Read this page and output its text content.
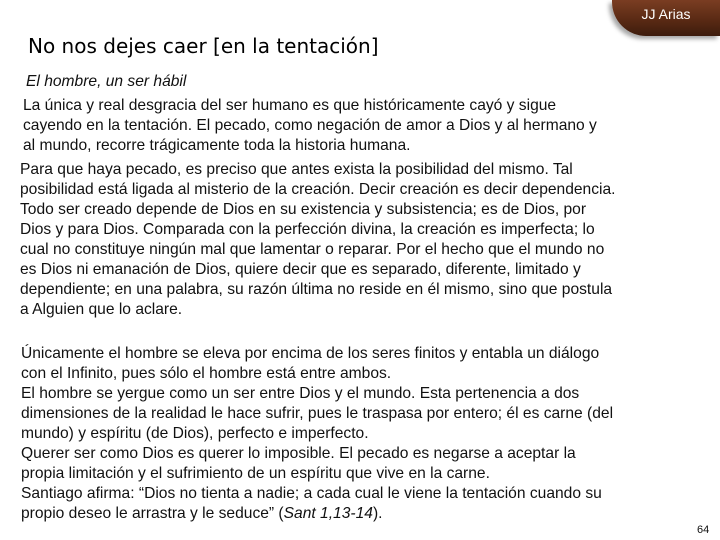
JJ Arias
No nos dejes caer [en la tentación]
El hombre, un ser hábil
La única y real desgracia del ser humano es que históricamente cayó y sigue
cayendo en la tentación. El pecado, como negación de amor a Dios y al hermano y
al mundo, recorre trágicamente toda la historia humana.
Para que haya pecado, es preciso que antes exista la posibilidad del mismo. Tal
posibilidad está ligada al misterio de la creación. Decir creación es decir dependencia.
Todo ser creado depende de Dios en su existencia y subsistencia; es de Dios, por
Dios y para Dios. Comparada con la perfección divina, la creación es imperfecta; lo
cual no constituye ningún mal que lamentar o reparar. Por el hecho que el mundo no
es Dios ni emanación de Dios, quiere decir que es separado, diferente, limitado y
dependiente; en una palabra, su razón última no reside en él mismo, sino que postula
a Alguien que lo aclare.
Únicamente el hombre se eleva por encima de los seres finitos y entabla un diálogo
con el Infinito, pues sólo el hombre está entre ambos.
El hombre se yergue como un ser entre Dios y el mundo. Esta pertenencia a dos
dimensiones de la realidad le hace sufrir, pues le traspasa por entero; él es carne (del
mundo) y espíritu (de Dios), perfecto e imperfecto.
Querer ser como Dios es querer lo imposible. El pecado es negarse a aceptar la
propia limitación y el sufrimiento de un espíritu que vive en la carne.
Santiago afirma: “Dios no tienta a nadie; a cada cual le viene la tentación cuando su
propio deseo le arrastra y le seduce” (Sant 1,13-14).
64
